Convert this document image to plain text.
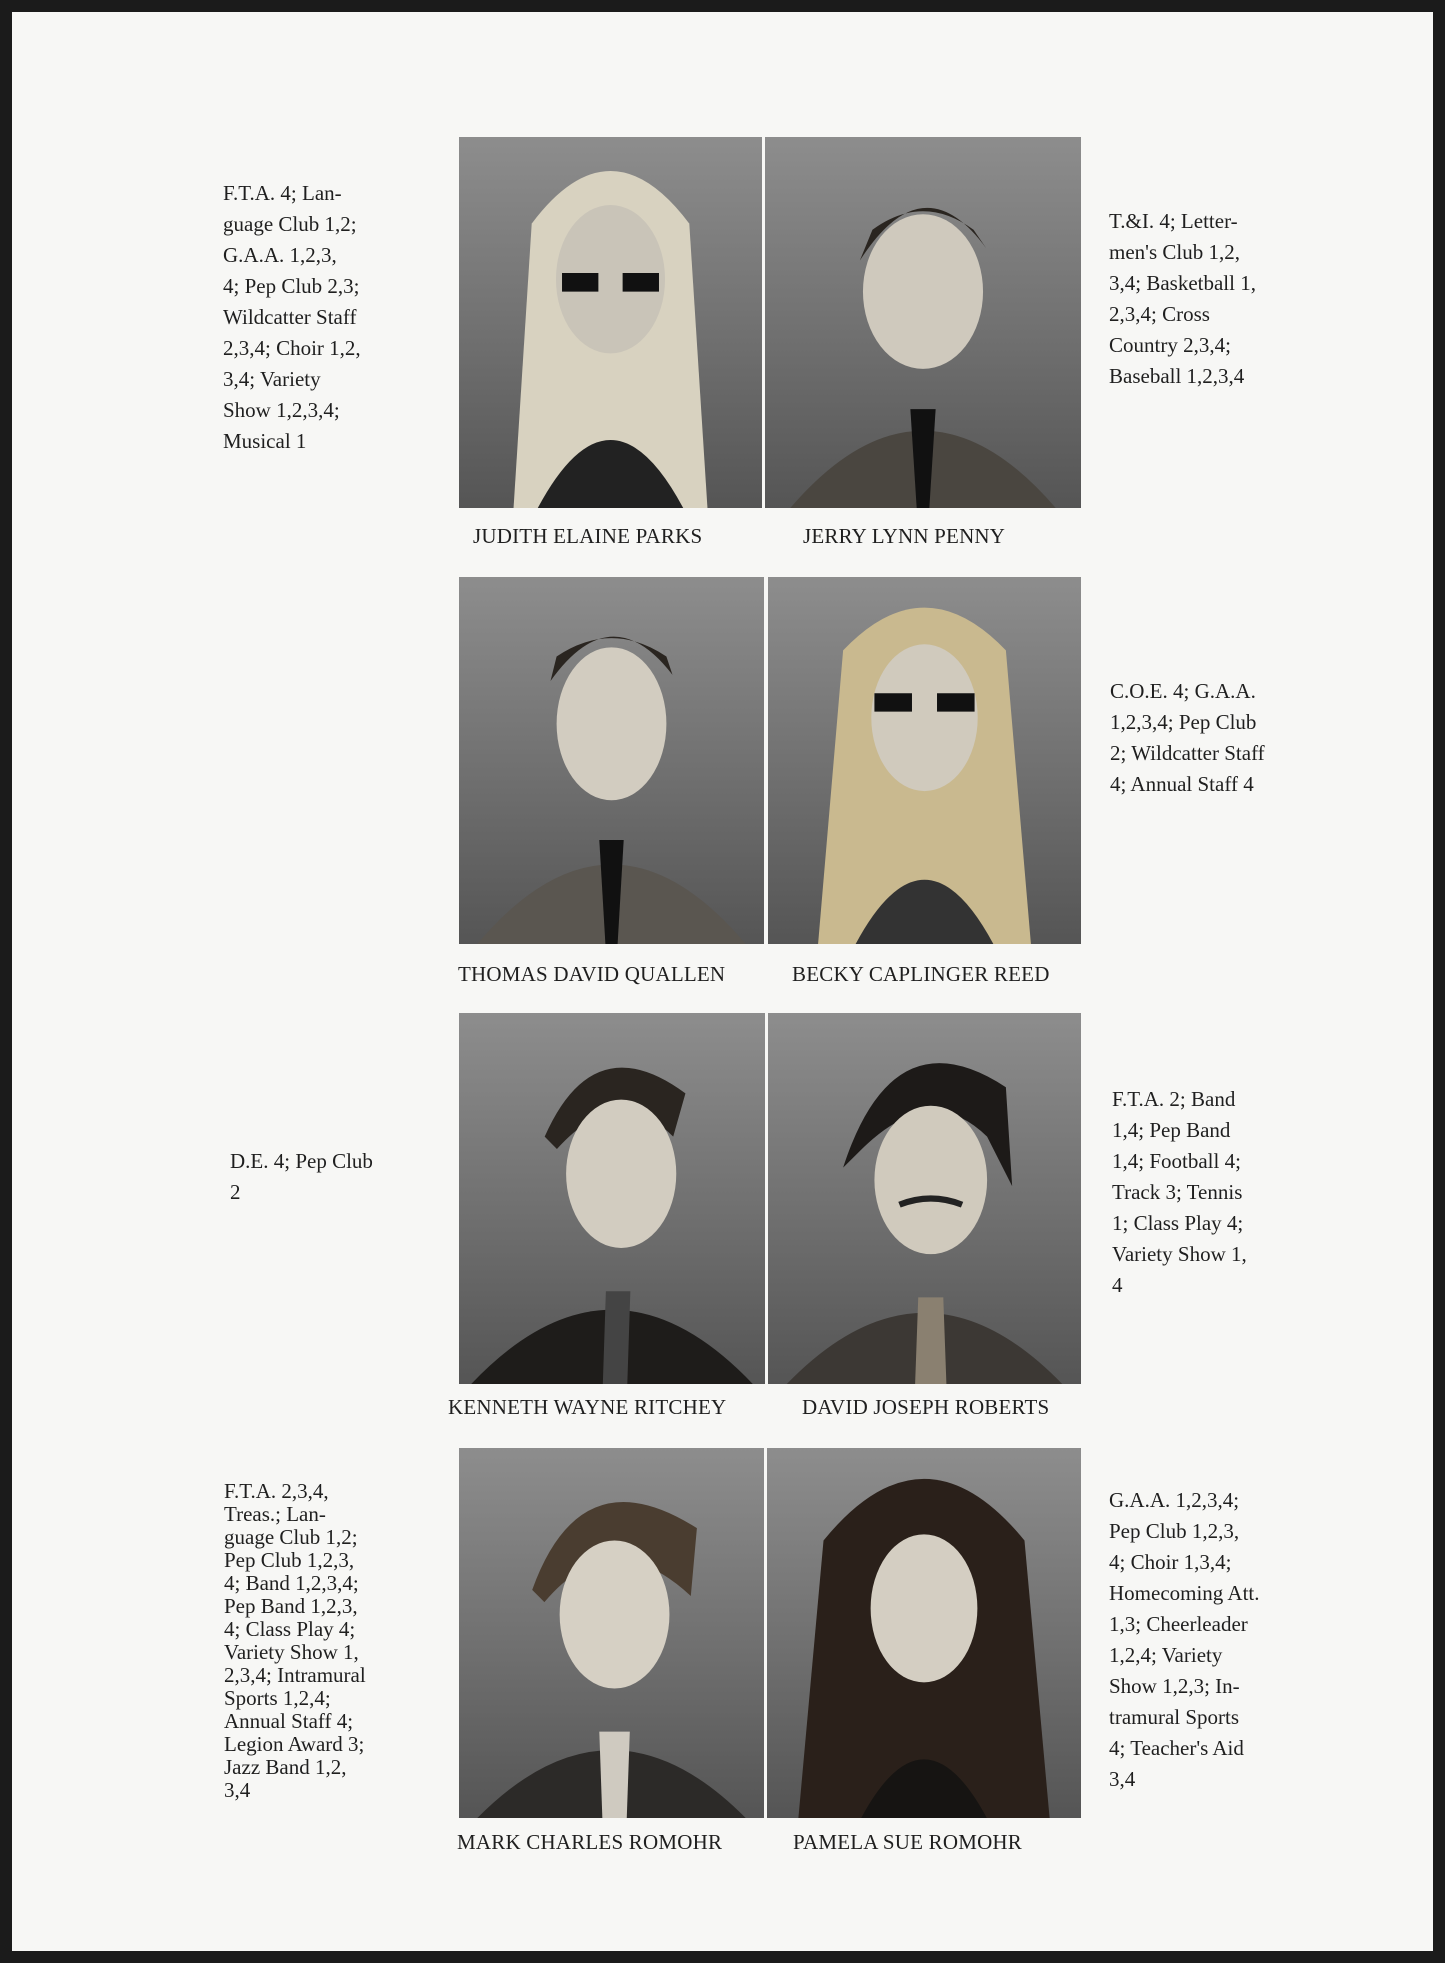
F.T.A. 4; Lan-
guage Club 1,2;
G.A.A. 1,2,3,
4; Pep Club 2,3;
Wildcatter Staff
2,3,4; Choir 1,2,
3,4; Variety
Show 1,2,3,4;
Musical 1
JUDITH ELAINE PARKS	JERRY LYNN PENNY
T.&I. 4; Letter-
men's Club 1,2,
3,4; Basketball 1,
2,3,4; Cross
Country 2,3,4;
Baseball 1,2,3,4
THOMAS DAVID QUALLEN	BECKY CAPLINGER REED
C.O.E. 4; G.A.A.
1,2,3,4; Pep Club
2; Wildcatter Staff
4; Annual Staff 4
D.E. 4; Pep Club
2
KENNETH WAYNE RITCHEY	DAVID JOSEPH ROBERTS
F.T.A. 2; Band
1,4; Pep Band
1,4; Football 4;
Track 3; Tennis
1; Class Play 4;
Variety Show 1,
4
F.T.A. 2,3,4,
Treas.; Lan-
guage Club 1,2;
Pep Club 1,2,3,
4; Band 1,2,3,4;
Pep Band 1,2,3,
4; Class Play 4;
Variety Show 1,
2,3,4; Intramural
Sports 1,2,4;
Annual Staff 4;
Legion Award 3;
Jazz Band 1,2,
3,4
MARK CHARLES ROMOHR	PAMELA SUE ROMOHR
G.A.A. 1,2,3,4;
Pep Club 1,2,3,
4; Choir 1,3,4;
Homecoming Att.
1,3; Cheerleader
1,2,4; Variety
Show 1,2,3; In-
tramural Sports
4; Teacher's Aid
3,4
